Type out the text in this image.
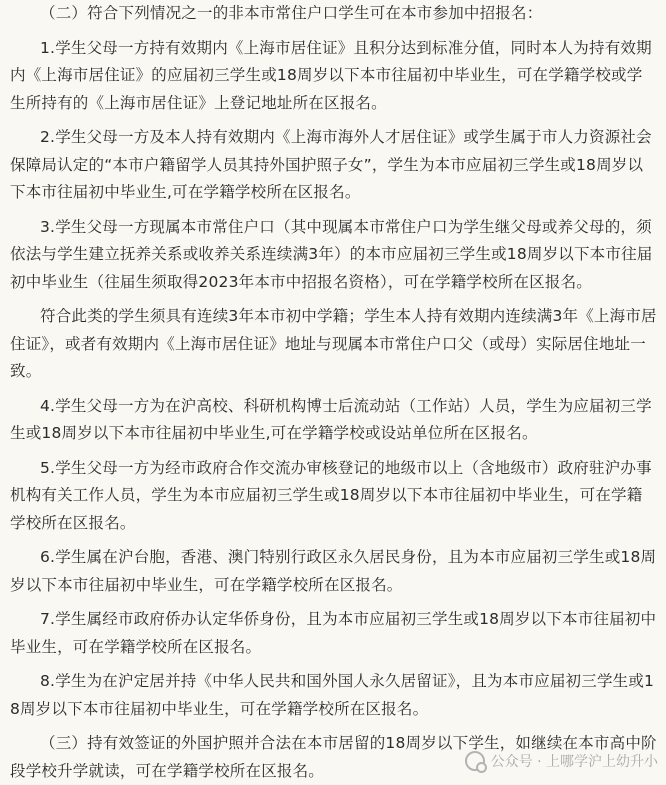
（二）符合下列情况之一的非本市常住户口学生可在本市参加中招报名：

1.学生父母一方持有效期内《上海市居住证》且积分达到标准分值，同时本人为持有效期内《上海市居住证》的应届初三学生或18周岁以下本市往届初中毕业生，可在学籍学校或学生所持有的《上海市居住证》上登记地址所在区报名。

2.学生父母一方及本人持有效期内《上海市海外人才居住证》或学生属于市人力资源社会保障局认定的“本市户籍留学人员其持外国护照子女”，学生为本市应届初三学生或18周岁以下本市往届初中毕业生,可在学籍学校所在区报名。

3.学生父母一方现属本市常住户口（其中现属本市常住户口为学生继父母或养父母的，须依法与学生建立抚养关系或收养关系连续满3年）的本市应届初三学生或18周岁以下本市往届初中毕业生（往届生须取得2023年本市中招报名资格），可在学籍学校所在区报名。

符合此类的学生须具有连续3年本市初中学籍；学生本人持有效期内连续满3年《上海市居住证》，或者有效期内《上海市居住证》地址与现属本市常住户口父（或母）实际居住地址一致。

4.学生父母一方为在沪高校、科研机构博士后流动站（工作站）人员，学生为应届初三学生或18周岁以下本市往届初中毕业生,可在学籍学校或设站单位所在区报名。

5.学生父母一方为经市政府合作交流办审核登记的地级市以上（含地级市）政府驻沪办事机构有关工作人员，学生为本市应届初三学生或18周岁以下本市往届初中毕业生，可在学籍学校所在区报名。

6.学生属在沪台胞，香港、澳门特别行政区永久居民身份，且为本市应届初三学生或18周岁以下本市往届初中毕业生，可在学籍学校所在区报名。

7.学生属经市政府侨办认定华侨身份，且为本市应届初三学生或18周岁以下本市往届初中毕业生，可在学籍学校所在区报名。

8.学生为在沪定居并持《中华人民共和国外国人永久居留证》，且为本市应届初三学生或18周岁以下本市往届初中毕业生，可在学籍学校所在区报名。

（三）持有效签证的外国护照并合法在本市居留的18周岁以下学生，如继续在本市高中阶段学校升学就读，可在学籍学校所在区报名。	公众号 · 上哪学沪上幼升小
